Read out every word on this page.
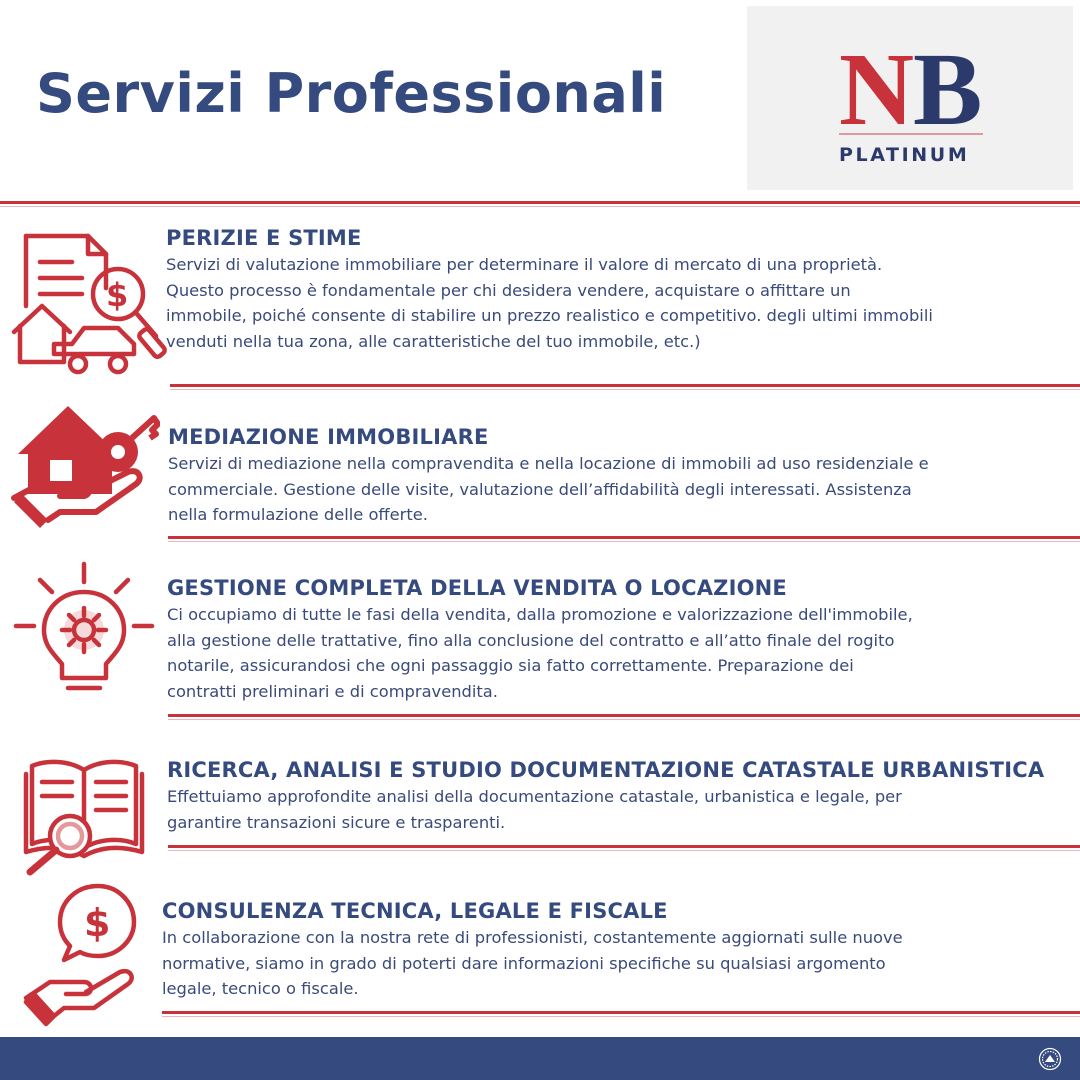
Servizi Professionali N B
PLATINUM
$
PERIZIE E STIME

Servizi di valutazione immobiliare per determinare il valore di mercato di una proprietà.
Questo processo è fondamentale per chi desidera vendere, acquistare o affittare un
immobile, poiché consente di stabilire un prezzo realistico e competitivo. degli ultimi immobili
venduti nella tua zona, alle caratteristiche del tuo immobile, etc.)

MEDIAZIONE IMMOBILIARE

Servizi di mediazione nella compravendita e nella locazione di immobili ad uso residenziale e
commerciale. Gestione delle visite, valutazione dell’affidabilità degli interessati. Assistenza
nella formulazione delle offerte.

GESTIONE COMPLETA DELLA VENDITA O LOCAZIONE

Ci occupiamo di tutte le fasi della vendita, dalla promozione e valorizzazione dell'immobile,
alla gestione delle trattative, fino alla conclusione del contratto e all’atto finale del rogito
notarile, assicurandosi che ogni passaggio sia fatto correttamente. Preparazione dei
contratti preliminari e di compravendita.

RICERCA, ANALISI E STUDIO DOCUMENTAZIONE CATASTALE URBANISTICA

Effettuiamo approfondite analisi della documentazione catastale, urbanistica e legale, per
garantire transazioni sicure e trasparenti.

$ CONSULENZA TECNICA, LEGALE E FISCALE

In collaborazione con la nostra rete di professionisti, costantemente aggiornati sulle nuove
normative, siamo in grado di poterti dare informazioni specifiche su qualsiasi argomento
legale, tecnico o fiscale.
